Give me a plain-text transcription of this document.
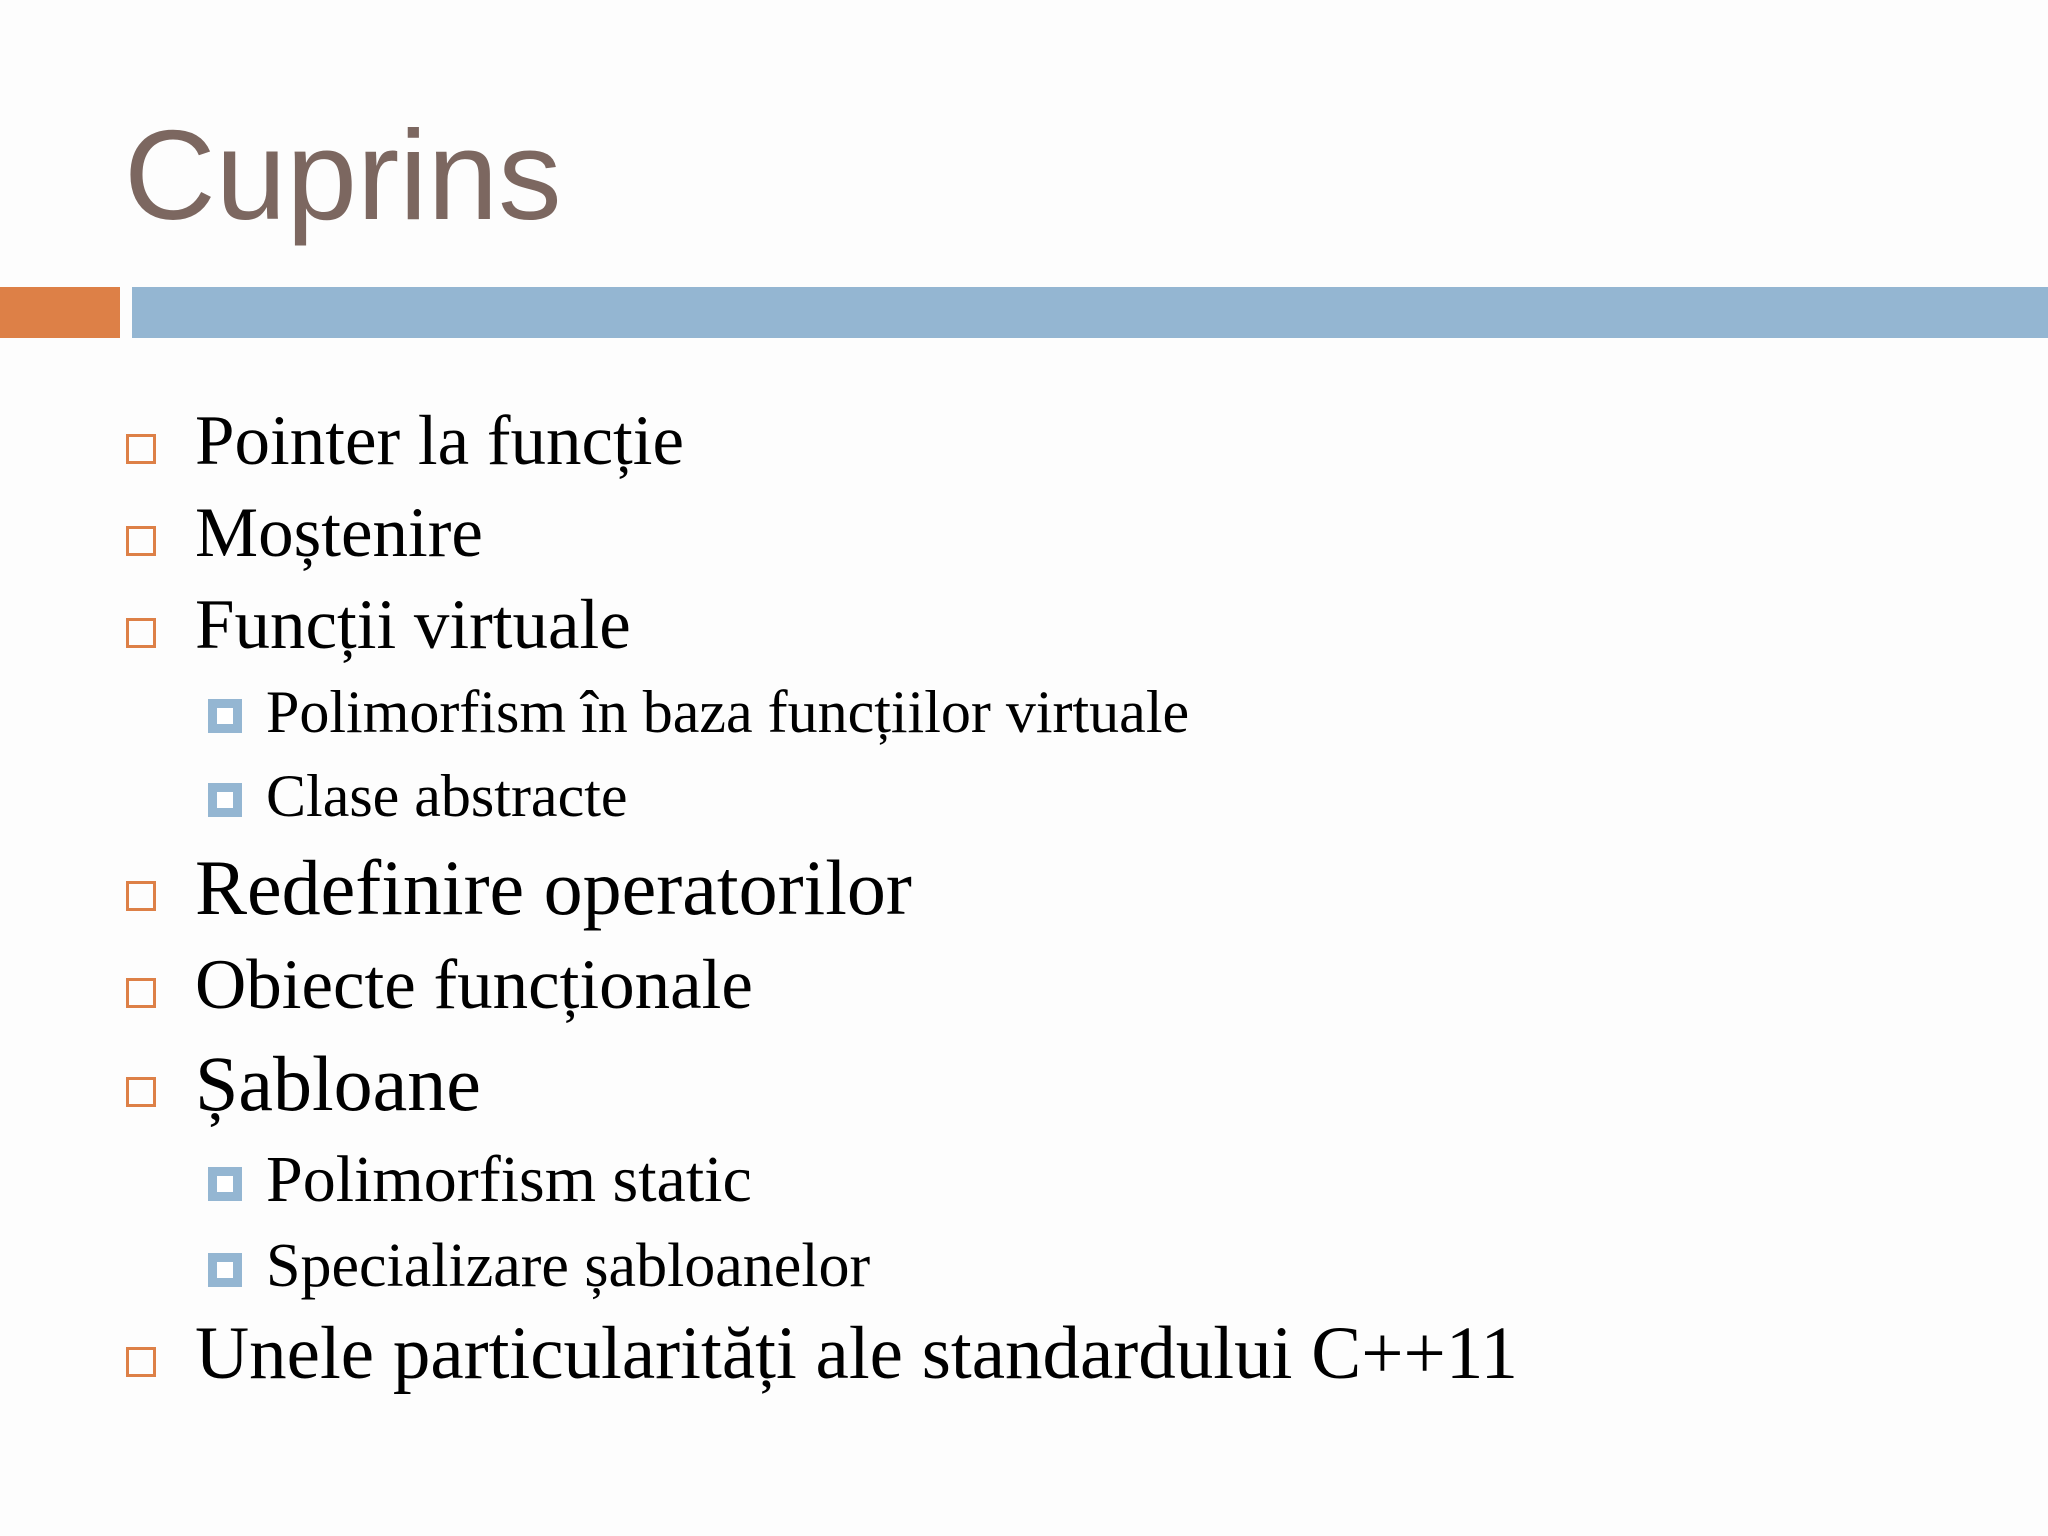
Cuprins
Pointer la funcție
Moștenire
Funcții virtuale
Polimorfism în baza funcțiilor virtuale
Clase abstracte
Redefinire operatorilor
Obiecte funcționale
Șabloane
Polimorfism static
Specializare șabloanelor
Unele particularități ale standardului C++11
